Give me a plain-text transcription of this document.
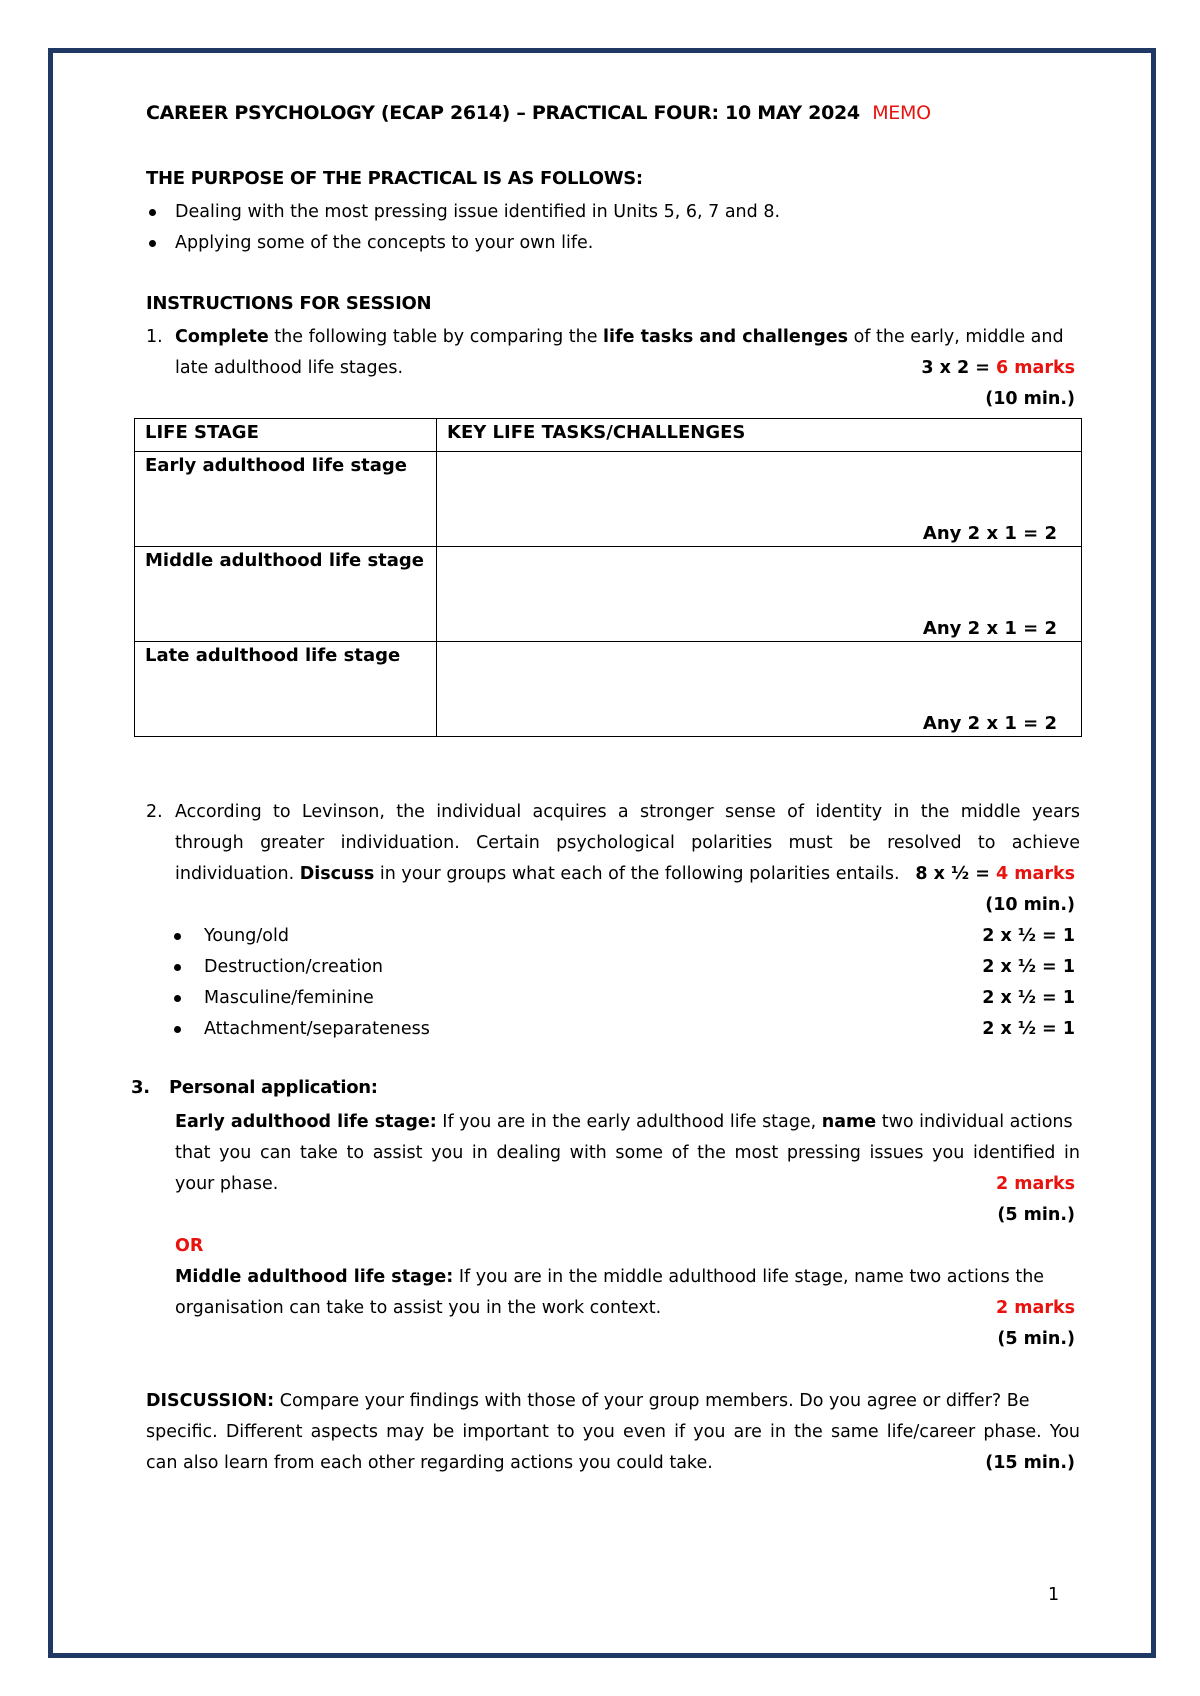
CAREER PSYCHOLOGY (ECAP 2614) – PRACTICAL FOUR: 10 MAY 2024 MEMO
THE PURPOSE OF THE PRACTICAL IS AS FOLLOWS:
Dealing with the most pressing issue identified in Units 5, 6, 7 and 8.
Applying some of the concepts to your own life.
INSTRUCTIONS FOR SESSION
1. Complete the following table by comparing the life tasks and challenges of the early, middle and
late adulthood life stages.	3 x 2 = 6 marks
(10 min.)
LIFE STAGE	KEY LIFE TASKS/CHALLENGES
Early adulthood life stage	Any 2 x 1 = 2

Middle adulthood life stage	Any 2 x 1 = 2

Late adulthood life stage	Any 2 x 1 = 2
2. According to Levinson, the individual acquires a stronger sense of identity in the middle years
through greater individuation. Certain psychological polarities must be resolved to achieve
individuation. Discuss in your groups what each of the following polarities entails. 8 x ½ = 4 marks
(10 min.)
Young/old	2 x ½ = 1
Destruction/creation	2 x ½ = 1
Masculine/feminine	2 x ½ = 1
Attachment/separateness	2 x ½ = 1
3. Personal application:
Early adulthood life stage: If you are in the early adulthood life stage, name two individual actions
that you can take to assist you in dealing with some of the most pressing issues you identified in
your phase.	2 marks
(5 min.)
OR
Middle adulthood life stage: If you are in the middle adulthood life stage, name two actions the
organisation can take to assist you in the work context.	2 marks
(5 min.)
DISCUSSION: Compare your findings with those of your group members. Do you agree or differ? Be
specific. Different aspects may be important to you even if you are in the same life/career phase. You
can also learn from each other regarding actions you could take.	(15 min.)
1
